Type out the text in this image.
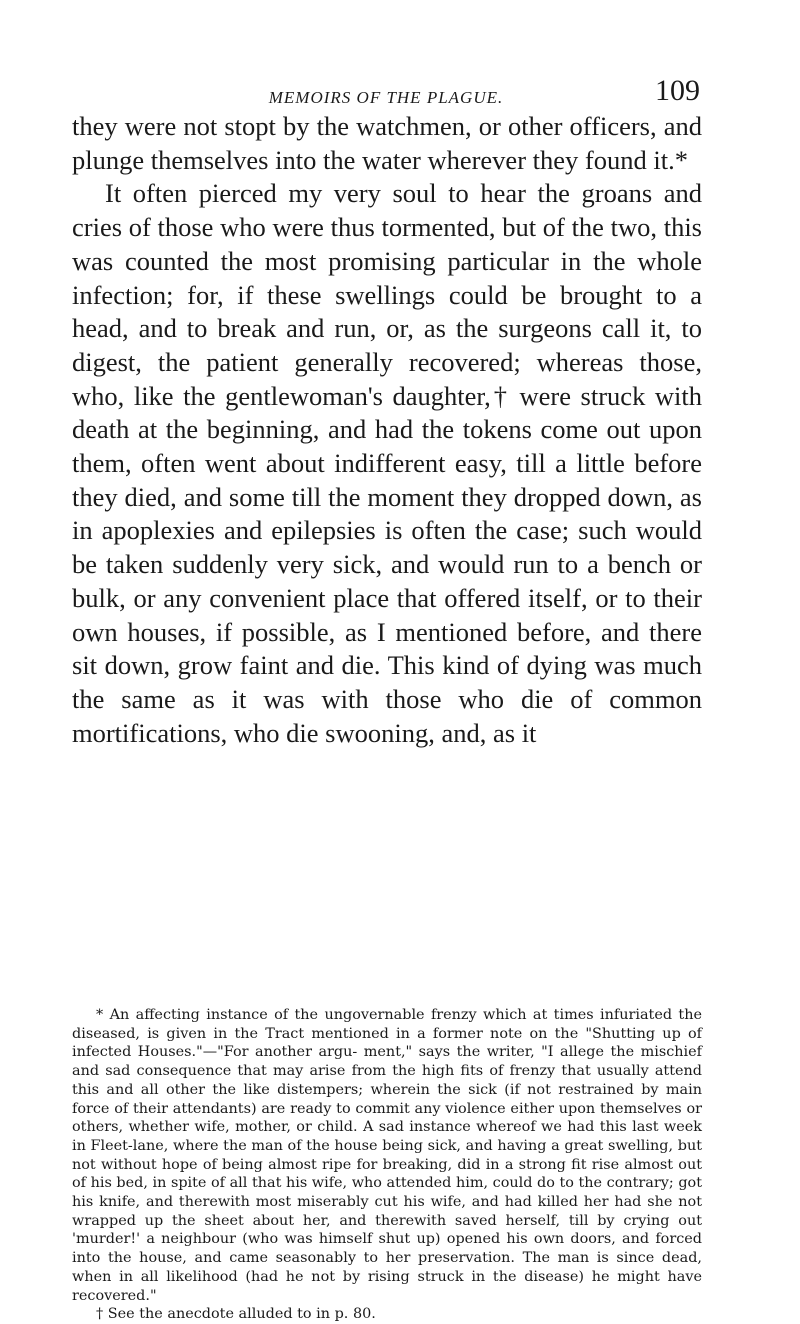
MEMOIRS OF THE PLAGUE.	109

they were not stopt by the watchmen, or other officers, and plunge themselves into the water wherever they found it.*

It often pierced my very soul to hear the groans and cries of those who were thus tormented, but of the two, this was counted the most promising particular in the whole infection; for, if these swellings could be brought to a head, and to break and run, or, as the surgeons call it, to digest, the patient generally recovered; whereas those, who, like the gentlewoman's daughter,† were struck with death at the beginning, and had the tokens come out upon them, often went about indifferent easy, till a little before they died, and some till the moment they dropped down, as in apoplexies and epilepsies is often the case; such would be taken suddenly very sick, and would run to a bench or bulk, or any convenient place that offered itself, or to their own houses, if possible, as I mentioned before, and there sit down, grow faint and die. This kind of dying was much the same as it was with those who die of common mortifications, who die swooning, and, as it

* An affecting instance of the ungovernable frenzy which at times infuriated the diseased, is given in the Tract mentioned in a former note on the "Shutting up of infected Houses."—"For another argu- ment," says the writer, "I allege the mischief and sad consequence that may arise from the high fits of frenzy that usually attend this and all other the like distempers; wherein the sick (if not restrained by main force of their attendants) are ready to commit any violence either upon themselves or others, whether wife, mother, or child. A sad instance whereof we had this last week in Fleet-lane, where the man of the house being sick, and having a great swelling, but not without hope of being almost ripe for breaking, did in a strong fit rise almost out of his bed, in spite of all that his wife, who attended him, could do to the contrary; got his knife, and therewith most miserably cut his wife, and had killed her had she not wrapped up the sheet about her, and therewith saved herself, till by crying out 'murder!' a neighbour (who was himself shut up) opened his own doors, and forced into the house, and came seasonably to her preservation. The man is since dead, when in all likelihood (had he not by rising struck in the disease) he might have recovered."

† See the anecdote alluded to in p. 80.
